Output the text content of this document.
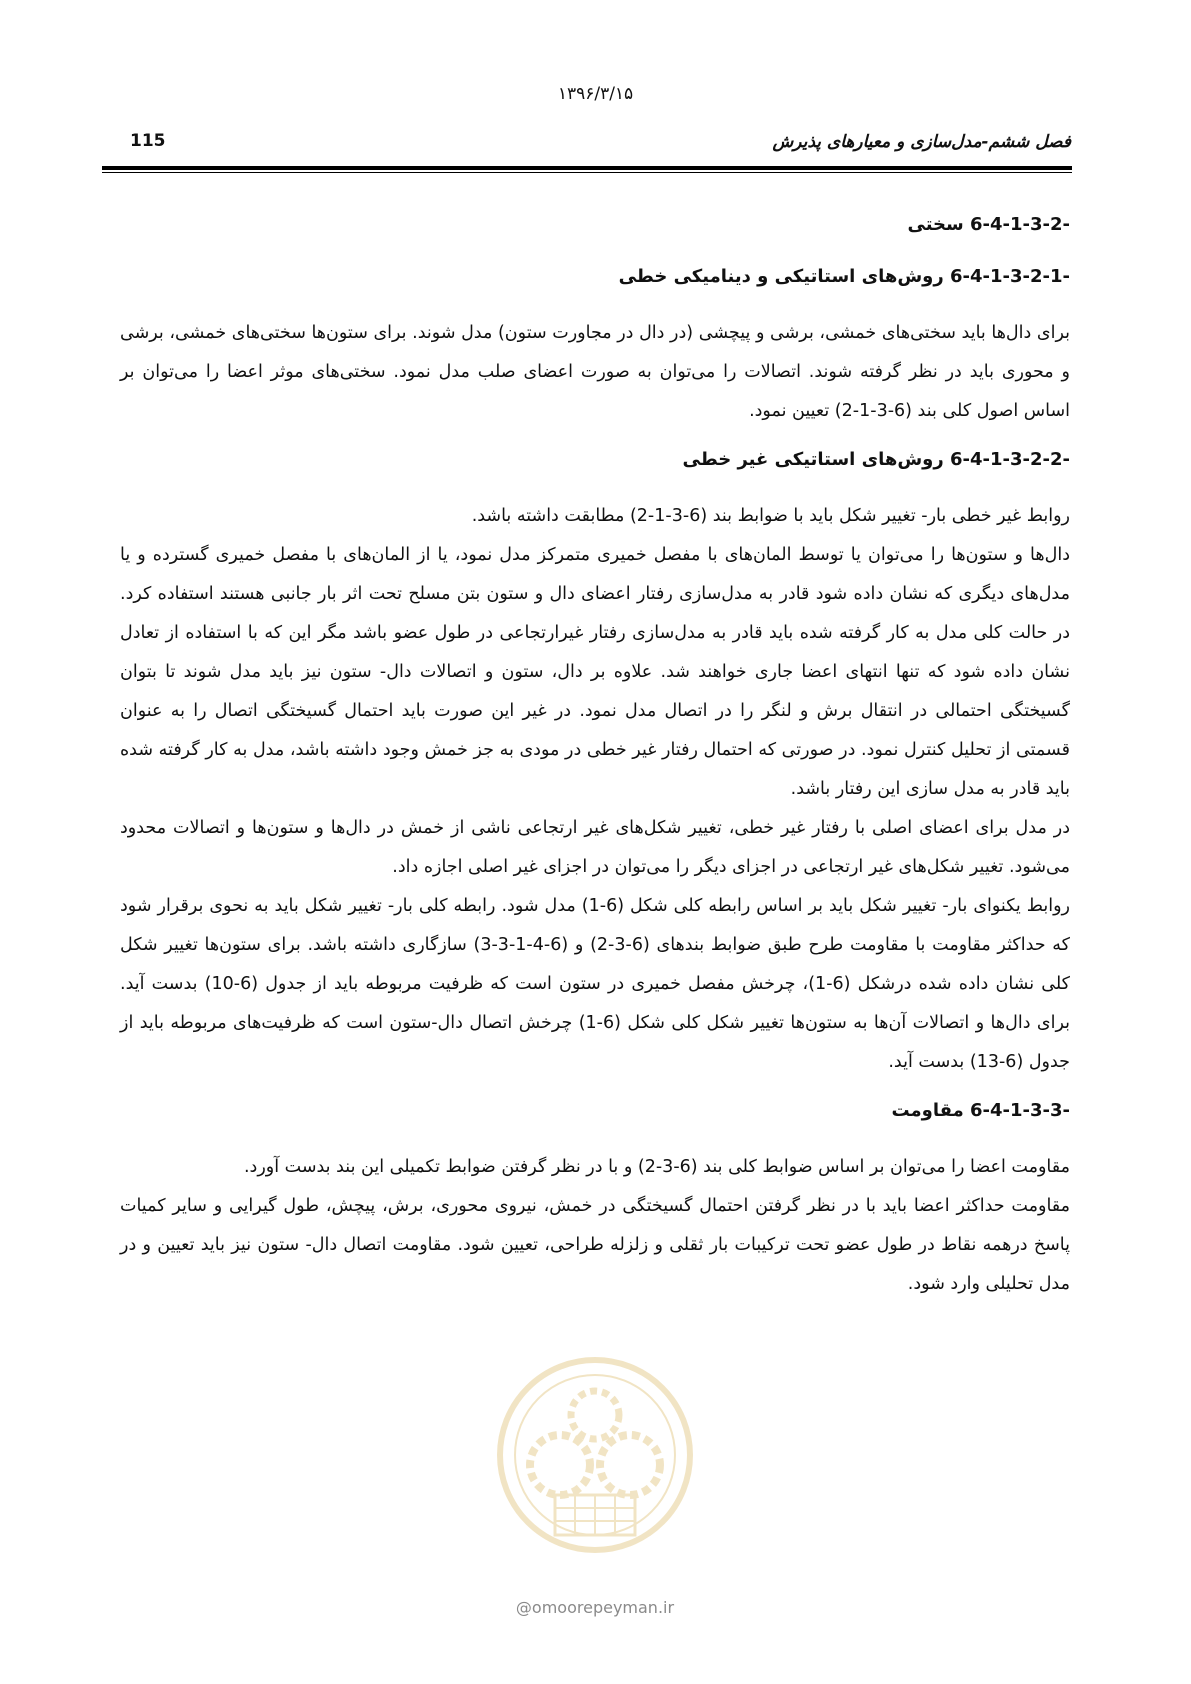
۱۳۹۶/۳/۱۵
فصل ششم-مدل‌سازی و معیارهای پذیرش
115
6-4-1-3-2- سختی
6-4-1-3-2-1- روش‌های استاتیکی و دینامیکی خطی

برای دال‌ها باید سختی‌های خمشی، برشی و پیچشی (در دال در مجاورت ستون) مدل شوند. برای ستون‌ها سختی‌های خمشی، برشی و محوری باید در نظر گرفته شوند. اتصالات را می‌توان به صورت اعضای صلب مدل نمود. سختی‌های موثر اعضا را می‌توان بر اساس اصول کلی بند (6-3-1-2) تعیین نمود.

6-4-1-3-2-2- روش‌های استاتیکی غیر خطی

روابط غیر خطی بار- تغییر شکل باید با ضوابط بند (6-3-1-2) مطابقت داشته باشد.

دال‌ها و ستون‌ها را می‌توان یا توسط المان‌های با مفصل خمیری متمرکز مدل نمود، یا از المان‌های با مفصل خمیری گسترده و یا مدل‌های دیگری که نشان داده شود قادر به مدل‌سازی رفتار اعضای دال و ستون بتن مسلح تحت اثر بار جانبی هستند استفاده کرد. در حالت کلی مدل به کار گرفته شده باید قادر به مدل‌سازی رفتار غیرارتجاعی در طول عضو باشد مگر این که با استفاده از تعادل نشان داده شود که تنها انتهای اعضا جاری خواهند شد. علاوه بر دال، ستون و اتصالات دال- ستون نیز باید مدل شوند تا بتوان گسیختگی احتمالی در انتقال برش و لنگر را در اتصال مدل نمود. در غیر این صورت باید احتمال گسیختگی اتصال را به عنوان قسمتی از تحلیل کنترل نمود. در صورتی که احتمال رفتار غیر خطی در مودی به جز خمش وجود داشته باشد، مدل به کار گرفته شده باید قادر به مدل سازی این رفتار باشد.

در مدل برای اعضای اصلی با رفتار غیر خطی، تغییر شکل‌های غیر ارتجاعی ناشی از خمش در دال‌ها و ستون‌ها و اتصالات محدود می‌شود. تغییر شکل‌های غیر ارتجاعی در اجزای دیگر را می‌توان در اجزای غیر اصلی اجازه داد.

روابط یکنوای بار- تغییر شکل باید بر اساس رابطه کلی شکل (6-1) مدل شود. رابطه کلی بار- تغییر شکل باید به نحوی برقرار شود که حداکثر مقاومت با مقاومت طرح طبق ضوابط بندهای (6-3-2) و (6-4-1-3-3) سازگاری داشته باشد. برای ستون‌ها تغییر شکل کلی نشان داده شده درشکل (6-1)، چرخش مفصل خمیری در ستون است که ظرفیت مربوطه باید از جدول (6-10) بدست آید. برای دال‌ها و اتصالات آن‌ها به ستون‌ها تغییر شکل کلی شکل (6-1) چرخش اتصال دال-ستون است که ظرفیت‌های مربوطه باید از جدول (6-13) بدست آید.

6-4-1-3-3- مقاومت

مقاومت اعضا را می‌توان بر اساس ضوابط کلی بند (6-3-2) و با در نظر گرفتن ضوابط تکمیلی این بند بدست آورد.

مقاومت حداکثر اعضا باید با در نظر گرفتن احتمال گسیختگی در خمش، نیروی محوری، برش، پیچش، طول گیرایی و سایر کمیات پاسخ درهمه نقاط در طول عضو تحت ترکیبات بار ثقلی و زلزله طراحی، تعیین شود. مقاومت اتصال دال- ستون نیز باید تعیین و در مدل تحلیلی وارد شود.

@omoorepeyman.ir
